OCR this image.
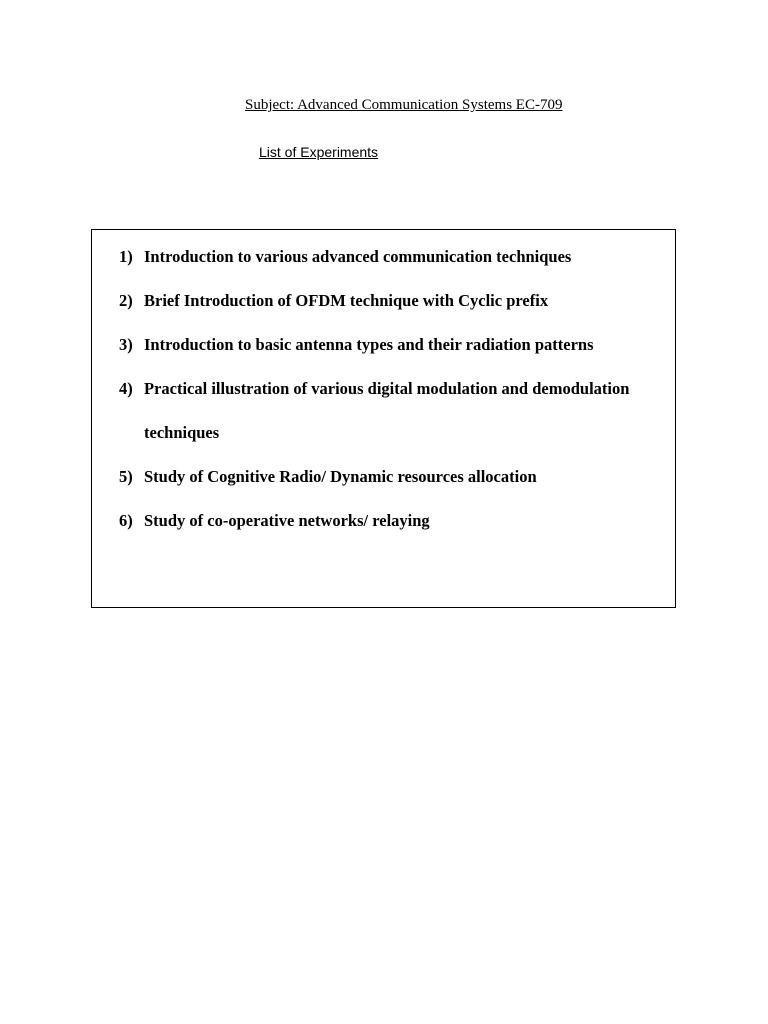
Subject: Advanced Communication Systems EC-709
List of Experiments
1) Introduction to various advanced communication techniques
2) Brief Introduction of OFDM technique with Cyclic prefix
3) Introduction to basic antenna types and their radiation patterns
4) Practical illustration of various digital modulation and demodulation
techniques
5) Study of Cognitive Radio/ Dynamic resources allocation
6) Study of co-operative networks/ relaying
